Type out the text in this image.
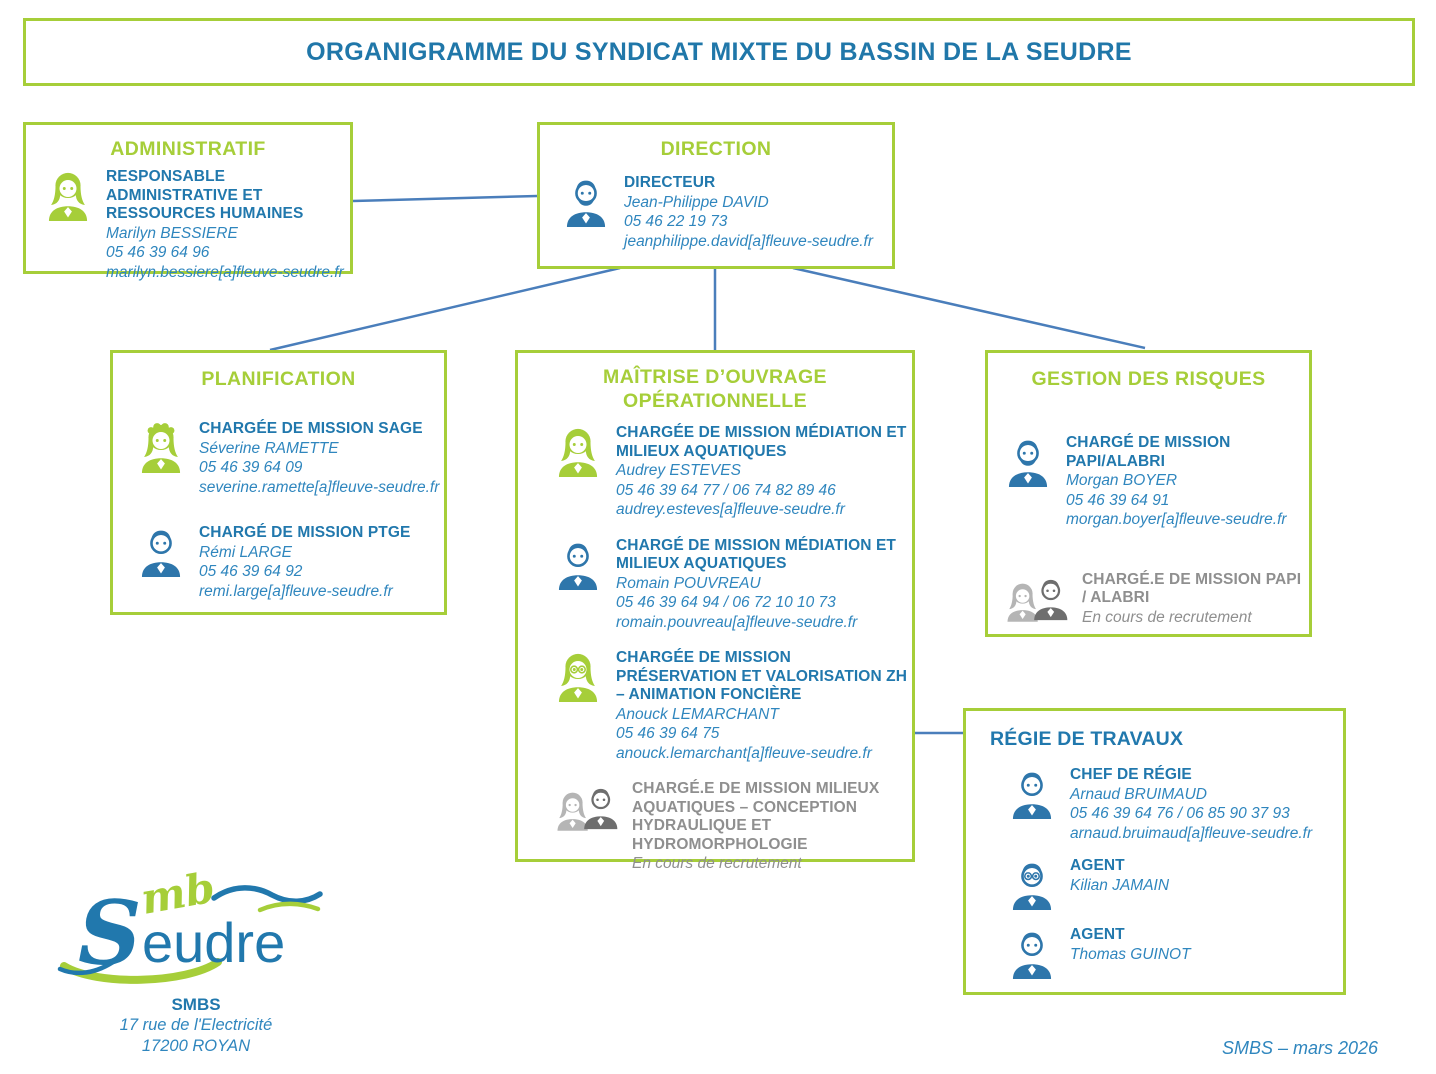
ORGANIGRAMME DU SYNDICAT MIXTE DU BASSIN DE LA SEUDRE
ADMINISTRATIF
RESPONSABLE ADMINISTRATIVE ET RESSOURCES HUMAINES
Marilyn BESSIERE
05 46 39 64 96
marilyn.bessiere[a]fleuve-seudre.fr
DIRECTION
DIRECTEUR
Jean-Philippe DAVID
05 46 22 19 73
jeanphilippe.david[a]fleuve-seudre.fr
PLANIFICATION
CHARGÉE DE MISSION SAGE
Séverine RAMETTE
05 46 39 64 09
severine.ramette[a]fleuve-seudre.fr
CHARGÉ DE MISSION PTGE
Rémi LARGE
05 46 39 64 92
remi.large[a]fleuve-seudre.fr
MAÎTRISE D’OUVRAGE OPÉRATIONNELLE
CHARGÉE DE MISSION MÉDIATION ET MILIEUX AQUATIQUES
Audrey ESTEVES
05 46 39 64 77 / 06 74 82 89 46
audrey.esteves[a]fleuve-seudre.fr
CHARGÉ DE MISSION MÉDIATION ET MILIEUX AQUATIQUES
Romain POUVREAU
05 46 39 64 94 / 06 72 10 10 73
romain.pouvreau[a]fleuve-seudre.fr
CHARGÉE DE MISSION PRÉSERVATION ET VALORISATION ZH – ANIMATION FONCIÈRE
Anouck LEMARCHANT
05 46 39 64 75
anouck.lemarchant[a]fleuve-seudre.fr
CHARGÉ.E DE MISSION MILIEUX AQUATIQUES – CONCEPTION HYDRAULIQUE ET HYDROMORPHOLOGIE
En cours de recrutement
GESTION DES RISQUES
CHARGÉ DE MISSION PAPI/ALABRI
Morgan BOYER
05 46 39 64 91
morgan.boyer[a]fleuve-seudre.fr
CHARGÉ.E DE MISSION PAPI / ALABRI
En cours de recrutement
RÉGIE DE TRAVAUX
CHEF DE RÉGIE
Arnaud BRUIMAUD
05 46 39 64 76 / 06 85 90 37 93
arnaud.bruimaud[a]fleuve-seudre.fr
AGENT
Kilian JAMAIN
AGENT
Thomas GUINOT
S
mb
eudre
SMBS
17 rue de l'Electricité
17200 ROYAN	SMBS – mars 2026
